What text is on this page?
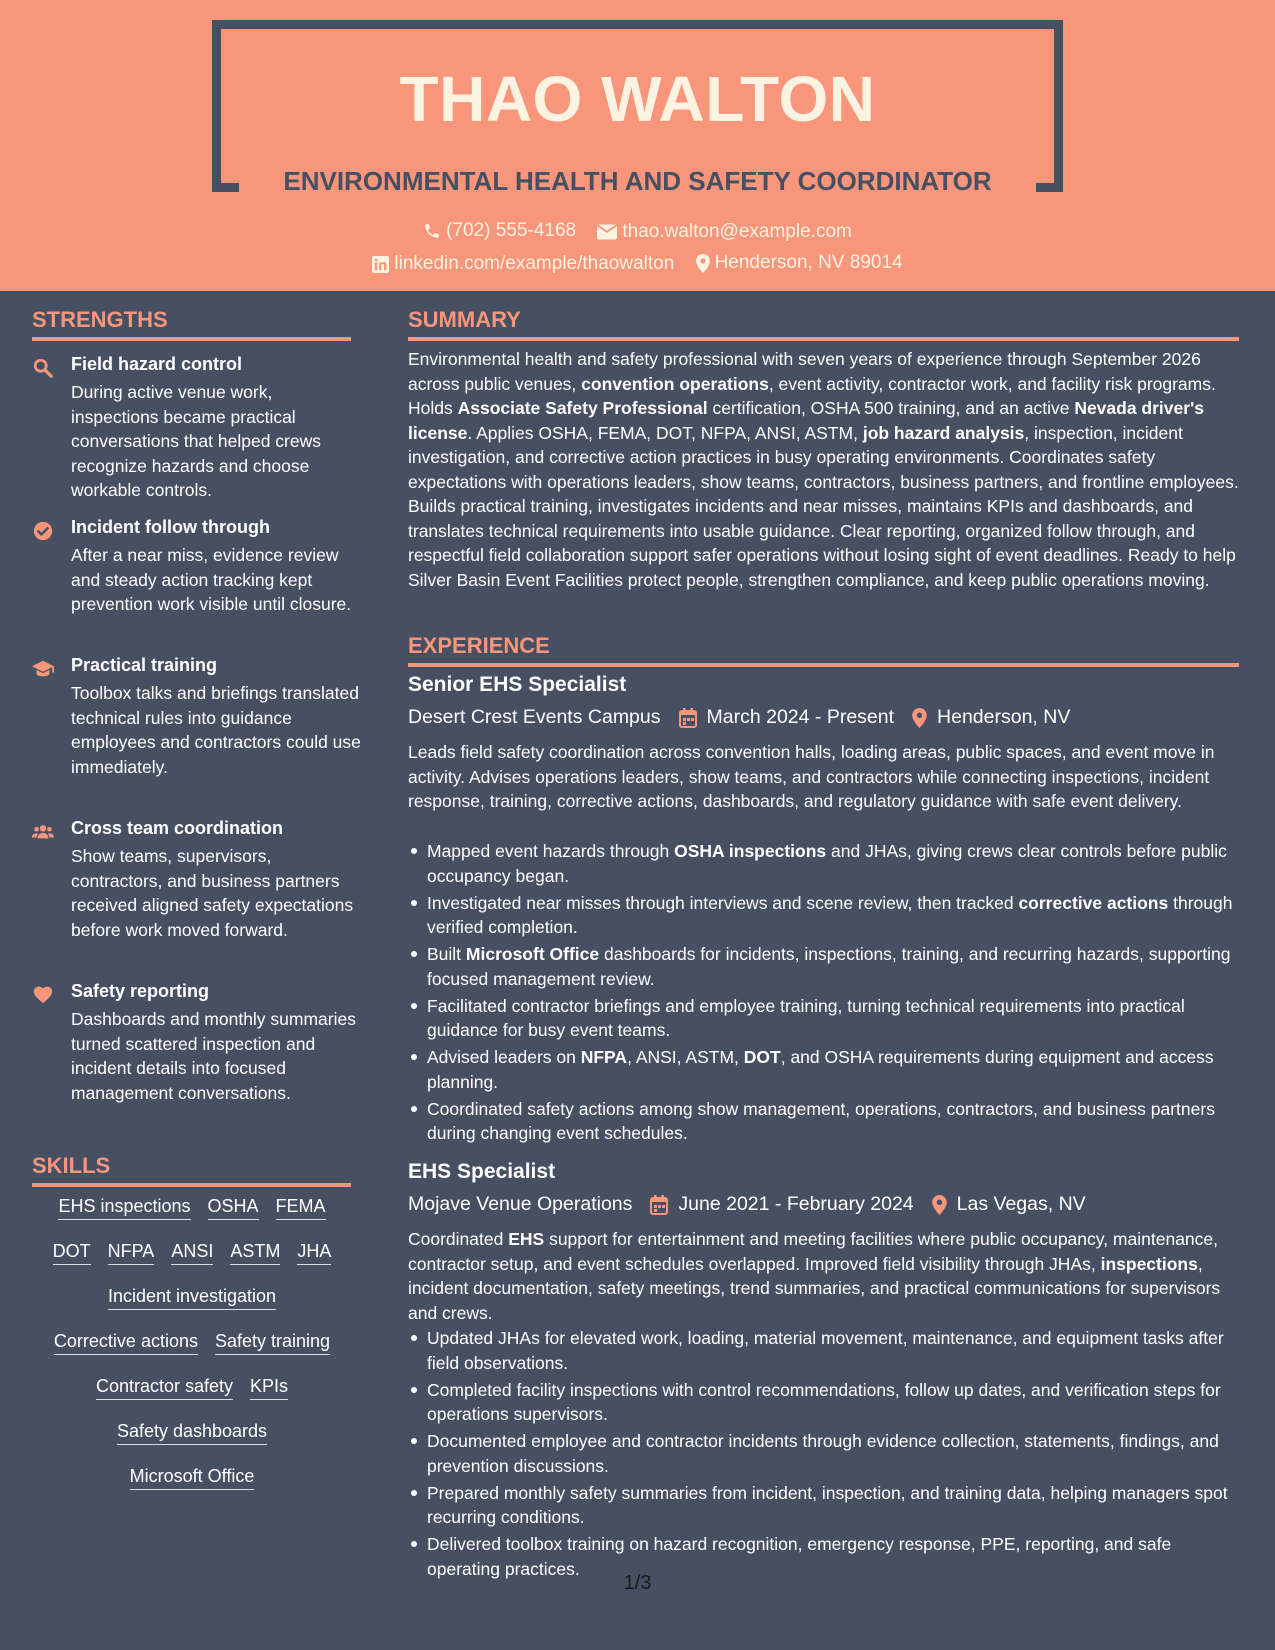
THAO WALTON
ENVIRONMENTAL HEALTH AND SAFETY COORDINATOR
(702) 555-4168
thao.walton@example.com
linkedin.com/example/thaowalton
Henderson, NV 89014
STRENGTHS
Field hazard control
During active venue work, inspections became practical conversations that helped crews recognize hazards and choose workable controls.
Incident follow through
After a near miss, evidence review and steady action tracking kept prevention work visible until closure.
Practical training
Toolbox talks and briefings translated technical rules into guidance employees and contractors could use immediately.
Cross team coordination
Show teams, supervisors, contractors, and business partners received aligned safety expectations before work moved forward.
Safety reporting
Dashboards and monthly summaries turned scattered inspection and incident details into focused management conversations.
SKILLS
EHS inspections OSHA FEMA
DOT NFPA ANSI ASTM JHA
Incident investigation
Corrective actions Safety training
Contractor safety KPIs
Safety dashboards
Microsoft Office
SUMMARY
Environmental health and safety professional with seven years of experience through September 2026 across public venues, convention operations, event activity, contractor work, and facility risk programs. Holds Associate Safety Professional certification, OSHA 500 training, and an active Nevada driver's license. Applies OSHA, FEMA, DOT, NFPA, ANSI, ASTM, job hazard analysis, inspection, incident investigation, and corrective action practices in busy operating environments. Coordinates safety expectations with operations leaders, show teams, contractors, business partners, and frontline employees. Builds practical training, investigates incidents and near misses, maintains KPIs and dashboards, and translates technical requirements into usable guidance. Clear reporting, organized follow through, and respectful field collaboration support safer operations without losing sight of event deadlines. Ready to help Silver Basin Event Facilities protect people, strengthen compliance, and keep public operations moving.
EXPERIENCE
Senior EHS Specialist
Desert Crest Events Campus March 2024 - Present Henderson, NV
Leads field safety coordination across convention halls, loading areas, public spaces, and event move in activity. Advises operations leaders, show teams, and contractors while connecting inspections, incident response, training, corrective actions, dashboards, and regulatory guidance with safe event delivery.
Mapped event hazards through OSHA inspections and JHAs, giving crews clear controls before public occupancy began.
Investigated near misses through interviews and scene review, then tracked corrective actions through verified completion.
Built Microsoft Office dashboards for incidents, inspections, training, and recurring hazards, supporting focused management review.
Facilitated contractor briefings and employee training, turning technical requirements into practical guidance for busy event teams.
Advised leaders on NFPA, ANSI, ASTM, DOT, and OSHA requirements during equipment and access planning.
Coordinated safety actions among show management, operations, contractors, and business partners during changing event schedules.
EHS Specialist
Mojave Venue Operations June 2021 - February 2024 Las Vegas, NV
Coordinated EHS support for entertainment and meeting facilities where public occupancy, maintenance, contractor setup, and event schedules overlapped. Improved field visibility through JHAs, inspections, incident documentation, safety meetings, trend summaries, and practical communications for supervisors and crews.
Updated JHAs for elevated work, loading, material movement, maintenance, and equipment tasks after field observations.
Completed facility inspections with control recommendations, follow up dates, and verification steps for operations supervisors.
Documented employee and contractor incidents through evidence collection, statements, findings, and prevention discussions.
Prepared monthly safety summaries from incident, inspection, and training data, helping managers spot recurring conditions.
Delivered toolbox training on hazard recognition, emergency response, PPE, reporting, and safe operating practices.
1/3
